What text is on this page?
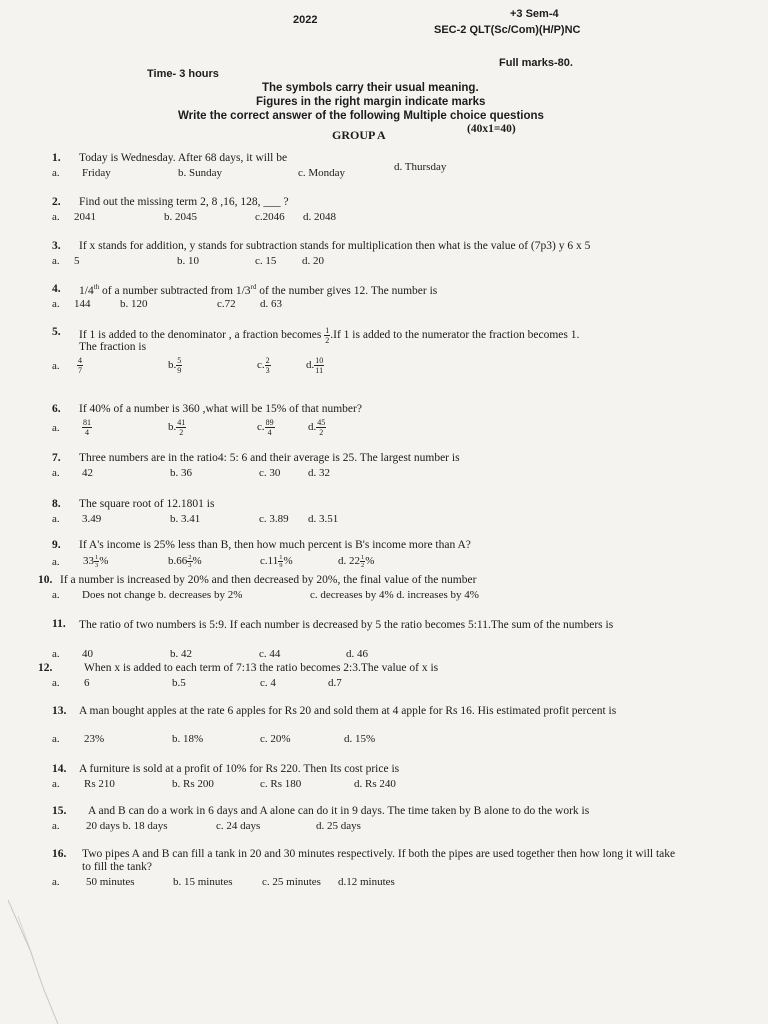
2022	+3 Sem-4
SEC-2 QLT(Sc/Com)(H/P)NC
Full marks-80.
Time- 3 hours
The symbols carry their usual meaning.
Figures in the right margin indicate marks
Write the correct answer of the following Multiple choice questions
GROUP A	(40x1=40)
1. Today is Wednesday. After 68 days, it will be
a. Friday	b. Sunday	c. Monday	d. Thursday
2. Find out the missing term 2, 8 ,16, 128, ___ ?
a. 2041	b. 2045	c.2046 d. 2048
3. If x stands for addition, y stands for subtraction stands for multiplication then what is the value of (7p3) y 6 x 5
a. 5	b. 10	c. 15 d. 20
4. 1/4th of a number subtracted from 1/3rd of the number gives 12. The number is
a. 144	b. 120	c.72 d. 63
5. If 1 is added to the denominator , a fraction becomes $\frac{1}{2} .If$ 1 is added to the numerator the fraction becomes 1.
The fraction is
a. $\frac{4}{7}$	b. $\frac{5}{9}$	c. $\frac{2}{3}$	d. $\frac{10}{11}$
6. If 40% of a number is 360 ,what will be 15% of that number?
a.	$\frac{81}{4}$	b. $\frac{41}{2}$	c. $\frac{89}{4}$	d. $\frac{45}{2}$
7. Three numbers are in the ratio4: 5: 6 and their average is 25. The largest number is
a. 42	b. 36	c. 30	d. 32
8. The square root of 12.1801 is
a. 3.49	b. 3.41	c. 3.89 d. 3.51
9. If A's income is 25% less than B, then how much percent is B's income more than A?
a. $33 \frac{1}{3}$ %	$b.66 \frac{2}{3}$ %	$c.11 \frac{1}{9}$ %	d. $22 \frac{1}{2}$ %
10. If a number is increased by 20% and then decreased by 20%, the final value of the number
a. Does not change b. decreases by 2%	c. decreases by 4% d. increases by 4%
11. The ratio of two numbers is 5:9. If each number is decreased by 5 the ratio becomes 5:11.The sum of the numbers is
a. 40	b. 42	c. 44	d. 46
12.	When x is added to each term of 7:13 the ratio becomes 2:3.The value of x is
a. 6	b.5	c. 4	d.7
13. A man bought apples at the rate 6 apples for Rs 20 and sold them at 4 apple for Rs 16. His estimated profit percent is
a. 23%	b. 18%	c. 20%	d. 15%
14. A furniture is sold at a profit of 10% for Rs 220. Then Its cost price is
a. Rs 210	b. Rs 200	c. Rs 180	d. Rs 240
15. A and B can do a work in 6 days and A alone can do it in 9 days. The time taken by B alone to do the work is
a. 20 days b. 18 days	c. 24 days	d. 25 days
16. Two pipes A and B can fill a tank in 20 and 30 minutes respectively. If both the pipes are used together then how long it will take to fill the tank?
a. 50 minutes	b. 15 minutes	c. 25 minutes d.12 minutes
